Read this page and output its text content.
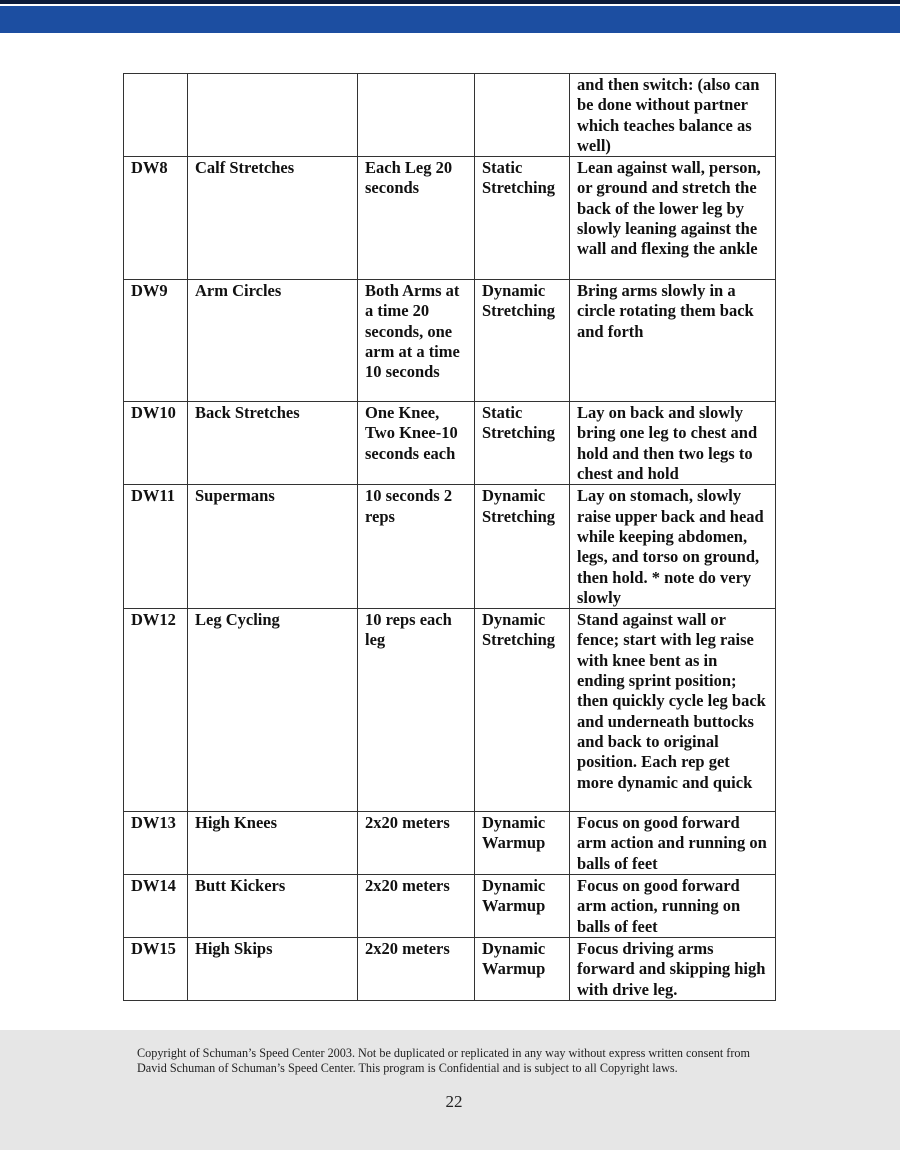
				and then switch: (also can be done without partner which teaches balance as well)
DW8	Calf Stretches	Each Leg 20 seconds	Static Stretching	Lean against wall, person, or ground and stretch the back of the lower leg by slowly leaning against the wall and flexing the ankle
DW9	Arm Circles	Both Arms at a time 20 seconds, one arm at a time 10 seconds	Dynamic Stretching	Bring arms slowly in a circle rotating them back and forth
DW10	Back Stretches	One Knee, Two Knee-10 seconds each	Static Stretching	Lay on back and slowly bring one leg to chest and hold and then two legs to chest and hold
DW11	Supermans	10 seconds 2 reps	Dynamic Stretching	Lay on stomach, slowly raise upper back and head while keeping abdomen, legs, and torso on ground, then hold. * note do very slowly
DW12	Leg Cycling	10 reps each leg	Dynamic Stretching	Stand against wall or fence; start with leg raise with knee bent as in ending sprint position; then quickly cycle leg back and underneath buttocks and back to original position. Each rep get more dynamic and quick
DW13	High Knees	2x20 meters	Dynamic Warmup	Focus on good forward arm action and running on balls of feet
DW14	Butt Kickers	2x20 meters	Dynamic Warmup	Focus on good forward arm action, running on balls of feet
DW15	High Skips	2x20 meters	Dynamic Warmup	Focus driving arms forward and skipping high with drive leg.
Copyright of Schuman’s Speed Center 2003. Not be duplicated or replicated in any way without express written consent from David Schuman of Schuman’s Speed Center. This program is Confidential and is subject to all Copyright laws.
22
